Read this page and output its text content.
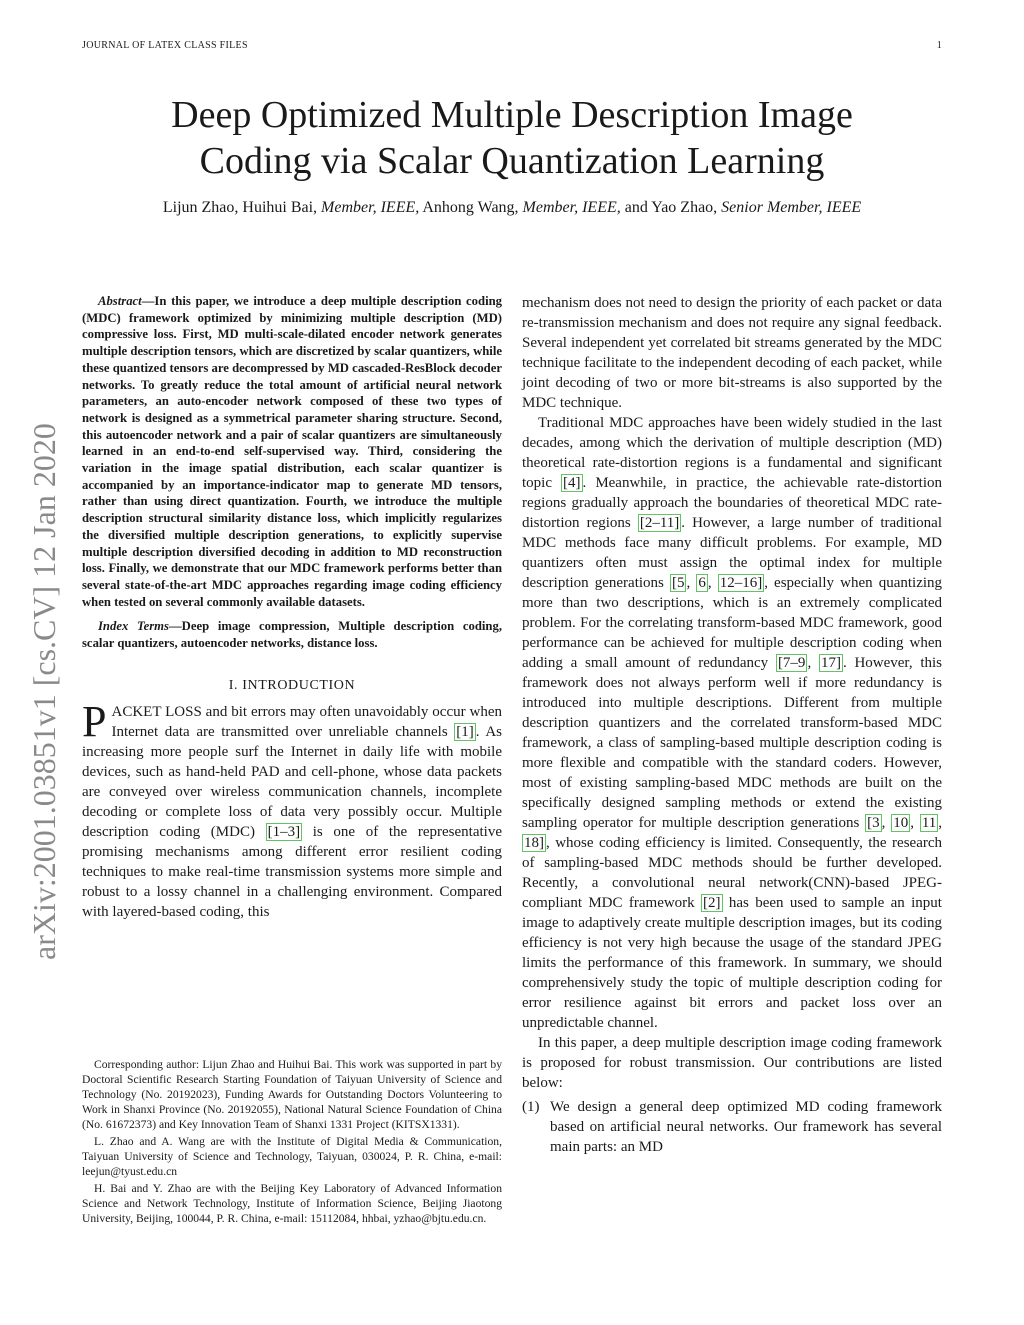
JOURNAL OF LATEX CLASS FILES	1
Deep Optimized Multiple Description Image
Coding via Scalar Quantization Learning
Lijun Zhao, Huihui Bai, Member, IEEE, Anhong Wang, Member, IEEE, and Yao Zhao, Senior Member, IEEE
arXiv:2001.03851v1 [cs.CV] 12 Jan 2020

Abstract—In this paper, we introduce a deep multiple description coding (MDC) framework optimized by minimizing multiple description (MD) compressive loss. First, MD multi-scale-dilated encoder network generates multiple description tensors, which are discretized by scalar quantizers, while these quantized tensors are decompressed by MD cascaded-ResBlock decoder networks. To greatly reduce the total amount of artificial neural network parameters, an auto-encoder network composed of these two types of network is designed as a symmetrical parameter sharing structure. Second, this autoencoder network and a pair of scalar quantizers are simultaneously learned in an end-to-end self-supervised way. Third, considering the variation in the image spatial distribution, each scalar quantizer is accompanied by an importance-indicator map to generate MD tensors, rather than using direct quantization. Fourth, we introduce the multiple description structural similarity distance loss, which implicitly regularizes the diversified multiple description generations, to explicitly supervise multiple description diversified decoding in addition to MD reconstruction loss. Finally, we demonstrate that our MDC framework performs better than several state-of-the-art MDC approaches regarding image coding efficiency when tested on several commonly available datasets.

Index Terms—Deep image compression, Multiple description coding, scalar quantizers, autoencoder networks, distance loss.

I. INTRODUCTION

PACKET LOSS and bit errors may often unavoidably occur when Internet data are transmitted over unreliable channels [1] . As increasing more people surf the Internet in daily life with mobile devices, such as hand-held PAD and cell-phone, whose data packets are conveyed over wireless communication channels, incomplete decoding or complete loss of data very possibly occur. Multiple description coding (MDC) [1–3] is one of the representative promising mechanisms among different error resilient coding techniques to make real-time transmission systems more simple and robust to a lossy channel in a challenging environment. Compared with layered-based coding, this

Corresponding author: Lijun Zhao and Huihui Bai. This work was supported in part by Doctoral Scientific Research Starting Foundation of Taiyuan University of Science and Technology (No. 20192023), Funding Awards for Outstanding Doctors Volunteering to Work in Shanxi Province (No. 20192055), National Natural Science Foundation of China (No. 61672373) and Key Innovation Team of Shanxi 1331 Project (KITSX1331).

L. Zhao and A. Wang are with the Institute of Digital Media & Communication, Taiyuan University of Science and Technology, Taiyuan, 030024, P. R. China, e-mail: leejun@tyust.edu.cn

H. Bai and Y. Zhao are with the Beijing Key Laboratory of Advanced Information Science and Network Technology, Institute of Information Science, Beijing Jiaotong University, Beijing, 100044, P. R. China, e-mail: 15112084, hhbai, yzhao@bjtu.edu.cn.

mechanism does not need to design the priority of each packet or data re-transmission mechanism and does not require any signal feedback. Several independent yet correlated bit streams generated by the MDC technique facilitate to the independent decoding of each packet, while joint decoding of two or more bit-streams is also supported by the MDC technique.

Traditional MDC approaches have been widely studied in the last decades, among which the derivation of multiple description (MD) theoretical rate-distortion regions is a fundamental and significant topic [4] . Meanwhile, in practice, the achievable rate-distortion regions gradually approach the boundaries of theoretical MDC rate-distortion regions [2–11] . However, a large number of traditional MDC methods face many difficult problems. For example, MD quantizers often must assign the optimal index for multiple description generations [5 , 6 , 12–16] , especially when quantizing more than two descriptions, which is an extremely complicated problem. For the correlating transform-based MDC framework, good performance can be achieved for multiple description coding when adding a small amount of redundancy [7–9 , 17] . However, this framework does not always perform well if more redundancy is introduced into multiple descriptions. Different from multiple description quantizers and the correlated transform-based MDC framework, a class of sampling-based multiple description coding is more flexible and compatible with the standard coders. However, most of existing sampling-based MDC methods are built on the specifically designed sampling methods or extend the existing sampling operator for multiple description generations [3 , 10 , 11 , 18] , whose coding efficiency is limited. Consequently, the research of sampling-based MDC methods should be further developed. Recently, a convolutional neural network(CNN)-based JPEG-compliant MDC framework [2] has been used to sample an input image to adaptively create multiple description images, but its coding efficiency is not very high because the usage of the standard JPEG limits the performance of this framework. In summary, we should comprehensively study the topic of multiple description coding for error resilience against bit errors and packet loss over an unpredictable channel.

In this paper, a deep multiple description image coding framework is proposed for robust transmission. Our contributions are listed below:

(1) We design a general deep optimized MD coding framework based on artificial neural networks. Our framework has several main parts: an MD
